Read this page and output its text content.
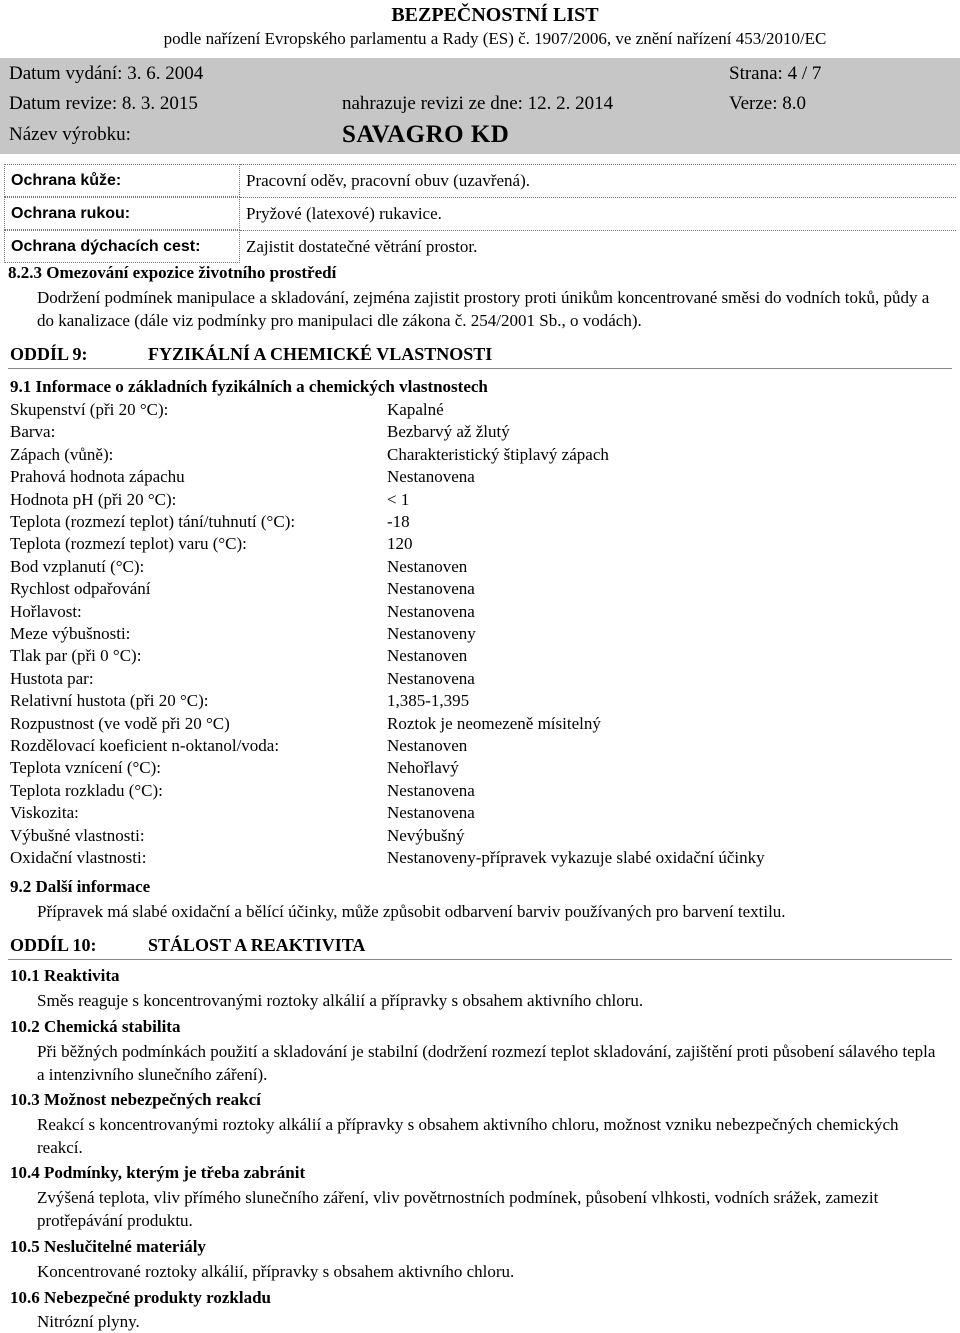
BEZPEČNOSTNÍ LIST
podle nařízení Evropského parlamentu a Rady (ES) č. 1907/2006, ve znění nařízení 453/2010/EC
Datum vydání: 3. 6. 2004	Strana: 4 / 7
Datum revize: 8. 3. 2015	nahrazuje revizi ze dne: 12. 2. 2014	Verze: 8.0
Název výrobku:	SAVAGRO KD
Ochrana kůže:	Pracovní oděv, pracovní obuv (uzavřená).
Ochrana rukou:	Pryžové (latexové) rukavice.
Ochrana dýchacích cest:	Zajistit dostatečné větrání prostor.
8.2.3 Omezování expozice životního prostředí
Dodržení podmínek manipulace a skladování, zejména zajistit prostory proti únikům koncentrované směsi do vodních toků, půdy a do kanalizace (dále viz podmínky pro manipulaci dle zákona č. 254/2001 Sb., o vodách).
ODDÍL 9:	FYZIKÁLNÍ A CHEMICKÉ VLASTNOSTI
9.1 Informace o základních fyzikálních a chemických vlastnostech
Skupenství (při 20 °C):	Kapalné
Barva:	Bezbarvý až žlutý
Zápach (vůně):	Charakteristický štiplavý zápach
Prahová hodnota zápachu	Nestanovena
Hodnota pH (při 20 °C):	< 1
Teplota (rozmezí teplot) tání/tuhnutí (°C):	-18
Teplota (rozmezí teplot) varu (°C):	120
Bod vzplanutí (°C):	Nestanoven
Rychlost odpařování	Nestanovena
Hořlavost:	Nestanovena
Meze výbušnosti:	Nestanoveny
Tlak par (při 0 °C):	Nestanoven
Hustota par:	Nestanovena
Relativní hustota (při 20 °C):	1,385-1,395
Rozpustnost (ve vodě při 20 °C)	Roztok je neomezeně mísitelný
Rozdělovací koeficient n-oktanol/voda:	Nestanoven
Teplota vznícení (°C):	Nehořlavý
Teplota rozkladu (°C):	Nestanovena
Viskozita:	Nestanovena
Výbušné vlastnosti:	Nevýbušný
Oxidační vlastnosti:	Nestanoveny-přípravek vykazuje slabé oxidační účinky
9.2 Další informace
Přípravek má slabé oxidační a bělící účinky, může způsobit odbarvení barviv používaných pro barvení textilu.
ODDÍL 10:	STÁLOST A REAKTIVITA
10.1 Reaktivita
Směs reaguje s koncentrovanými roztoky alkálií a přípravky s obsahem aktivního chloru.
10.2 Chemická stabilita
Při běžných podmínkách použití a skladování je stabilní (dodržení rozmezí teplot skladování, zajištění proti působení sálavého tepla a intenzivního slunečního záření).
10.3 Možnost nebezpečných reakcí
Reakcí s koncentrovanými roztoky alkálií a přípravky s obsahem aktivního chloru, možnost vzniku nebezpečných chemických reakcí.
10.4 Podmínky, kterým je třeba zabránit
Zvýšená teplota, vliv přímého slunečního záření, vliv povětrnostních podmínek, působení vlhkosti, vodních srážek, zamezit protřepávání produktu.
10.5 Neslučitelné materiály
Koncentrované roztoky alkálií, přípravky s obsahem aktivního chloru.
10.6 Nebezpečné produkty rozkladu
Nitrózní plyny.
